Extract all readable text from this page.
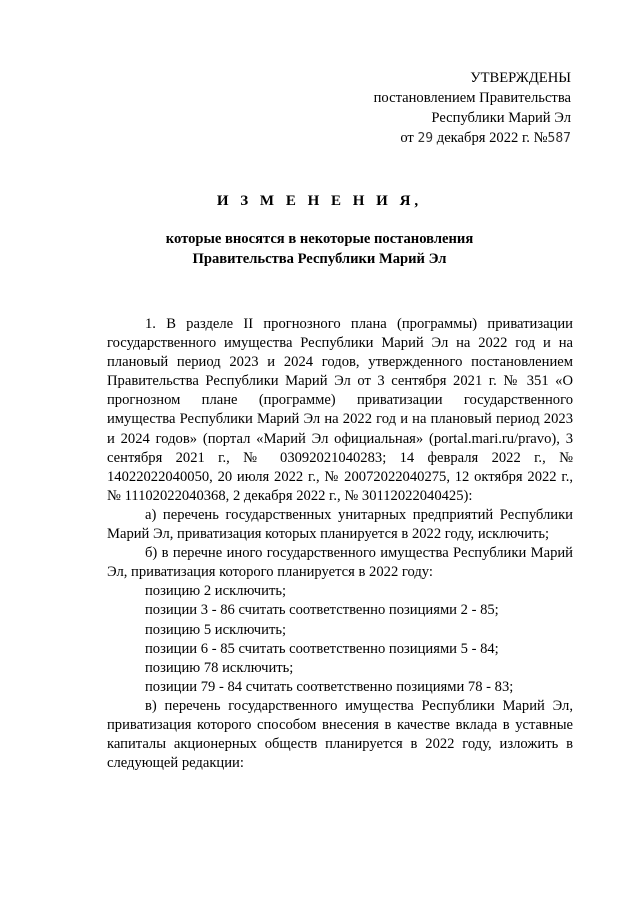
УТВЕРЖДЕНЫ
постановлением Правительства
Республики Марий Эл
от 29 декабря 2022 г. №587
И З М Е Н Е Н И Я,
которые вносятся в некоторые постановления
Правительства Республики Марий Эл

1. В разделе II прогнозного плана (программы) приватизации государственного имущества Республики Марий Эл на 2022 год и на плановый период 2023 и 2024 годов, утвержденного постановлением Правительства Республики Марий Эл от 3 сентября 2021 г. № 351 «О прогнозном плане (программе) приватизации государственного имущества Республики Марий Эл на 2022 год и на плановый период 2023 и 2024 годов» (портал «Марий Эл официальная» (portal.mari.ru/pravo), 3 сентября 2021 г., № 03092021040283; 14 февраля 2022 г., № 14022022040050, 20 июля 2022 г., № 20072022040275, 12 октября 2022 г., № 11102022040368, 2 декабря 2022 г., № 30112022040425):

а) перечень государственных унитарных предприятий Республики Марий Эл, приватизация которых планируется в 2022 году, исключить;

б) в перечне иного государственного имущества Республики Марий Эл, приватизация которого планируется в 2022 году:

позицию 2 исключить;

позиции 3 - 86 считать соответственно позициями 2 - 85;

позицию 5 исключить;

позиции 6 - 85 считать соответственно позициями 5 - 84;

позицию 78 исключить;

позиции 79 - 84 считать соответственно позициями 78 - 83;

в) перечень государственного имущества Республики Марий Эл, приватизация которого способом внесения в качестве вклада в уставные капиталы акционерных обществ планируется в 2022 году, изложить в следующей редакции:
